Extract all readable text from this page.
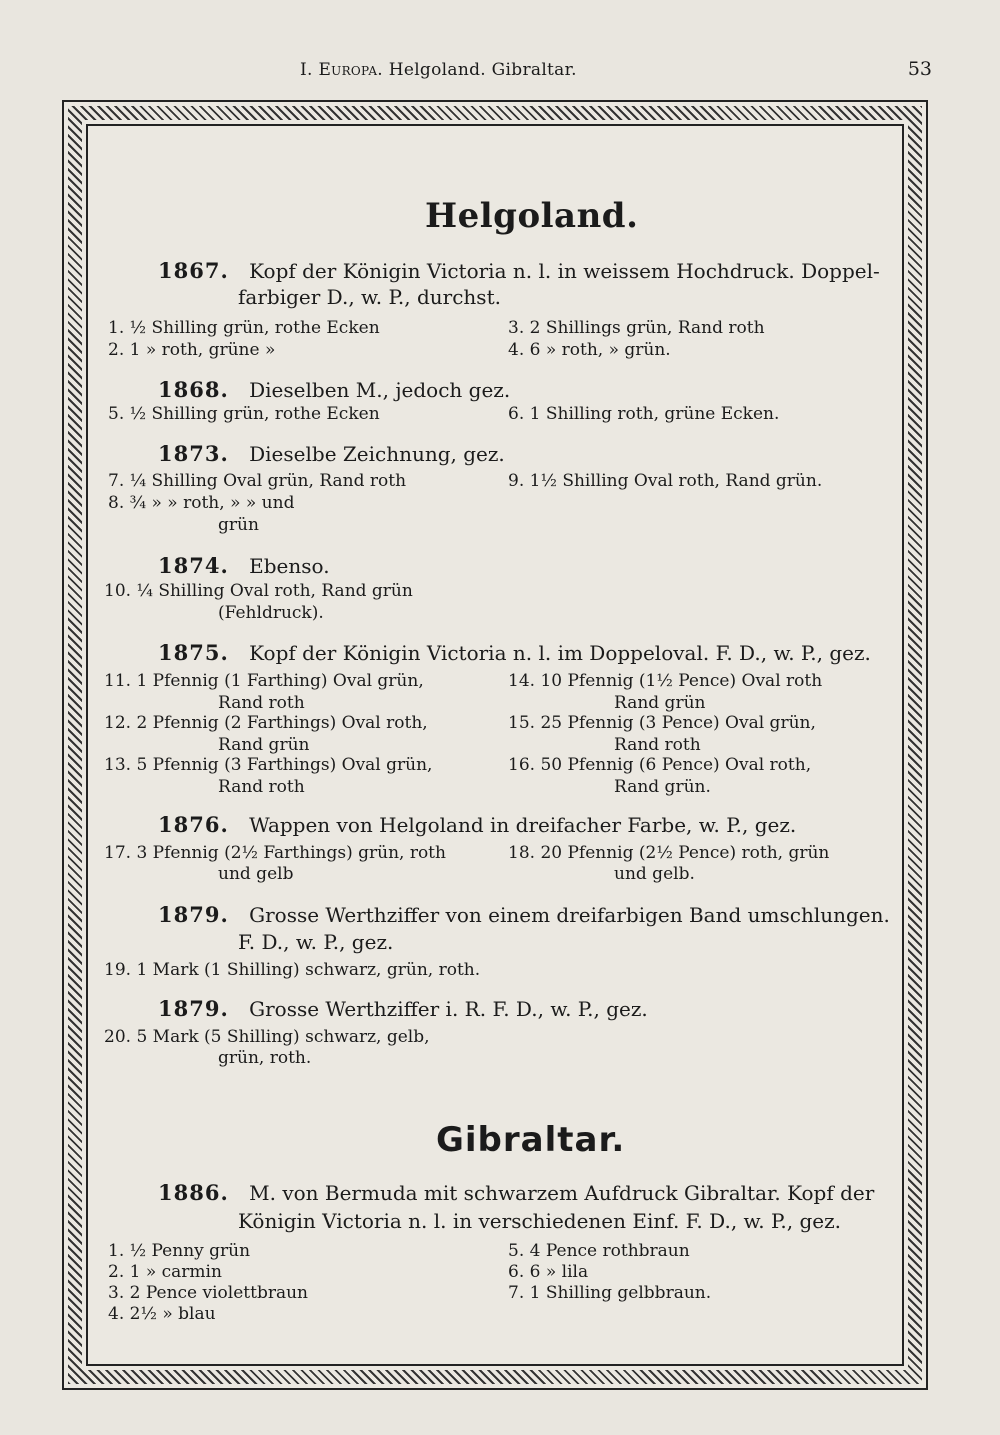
I. Europa. Helgoland. Gibraltar.	53
Helgoland.
1867. Kopf der Königin Victoria n. l. in weissem Hochdruck. Doppel-
farbiger D., w. P., durchst.
1. ½ Shilling grün, rothe Ecken
2. 1 » roth, grüne »
3. 2 Shillings grün, Rand roth
4. 6 » roth, » grün.
1868. Dieselben M., jedoch gez.
5. ½ Shilling grün, rothe Ecken	6. 1 Shilling roth, grüne Ecken.
1873. Dieselbe Zeichnung, gez.
7. ¼ Shilling Oval grün, Rand roth
8. ¾ » » roth, » » und
grün
9. 1½ Shilling Oval roth, Rand grün.
1874. Ebenso.
10. ¼ Shilling Oval roth, Rand grün
(Fehldruck).
1875. Kopf der Königin Victoria n. l. im Doppeloval. F. D., w. P., gez.
11. 1 Pfennig (1 Farthing) Oval grün,
Rand roth
12. 2 Pfennig (2 Farthings) Oval roth,
Rand grün
13. 5 Pfennig (3 Farthings) Oval grün,
Rand roth
14. 10 Pfennig (1½ Pence) Oval roth
Rand grün
15. 25 Pfennig (3 Pence) Oval grün,
Rand roth
16. 50 Pfennig (6 Pence) Oval roth,
Rand grün.
1876. Wappen von Helgoland in dreifacher Farbe, w. P., gez.
17. 3 Pfennig (2½ Farthings) grün, roth
und gelb
18. 20 Pfennig (2½ Pence) roth, grün
und gelb.
1879. Grosse Werthziffer von einem dreifarbigen Band umschlungen.
F. D., w. P., gez.
19. 1 Mark (1 Shilling) schwarz, grün, roth.
1879. Grosse Werthziffer i. R. F. D., w. P., gez.
20. 5 Mark (5 Shilling) schwarz, gelb,
grün, roth.
Gibraltar.
1886. M. von Bermuda mit schwarzem Aufdruck Gibraltar. Kopf der
Königin Victoria n. l. in verschiedenen Einf. F. D., w. P., gez.
1. ½ Penny grün
2. 1 » carmin
3. 2 Pence violettbraun
4. 2½ » blau
5. 4 Pence rothbraun
6. 6 » lila
7. 1 Shilling gelbbraun.
